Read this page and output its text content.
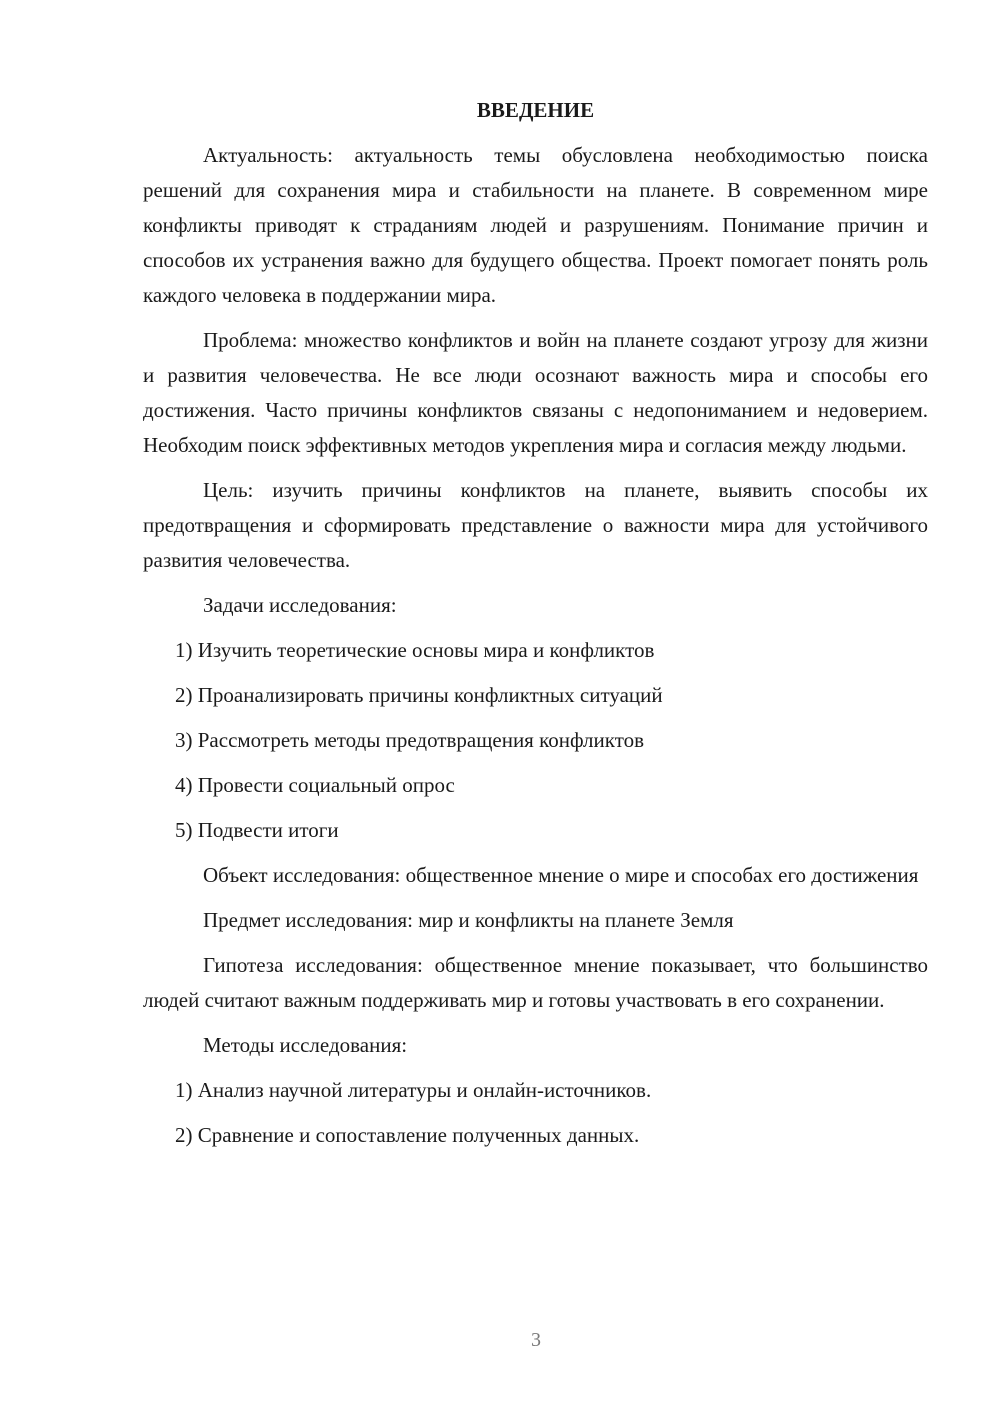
ВВЕДЕНИЕ

Актуальность: актуальность темы обусловлена необходимостью поиска решений для сохранения мира и стабильности на планете. В современном мире конфликты приводят к страданиям людей и разрушениям. Понимание причин и способов их устранения важно для будущего общества. Проект помогает понять роль каждого человека в поддержании мира.

Проблема: множество конфликтов и войн на планете создают угрозу для жизни и развития человечества. Не все люди осознают важность мира и способы его достижения. Часто причины конфликтов связаны с недопониманием и недоверием. Необходим поиск эффективных методов укрепления мира и согласия между людьми.

Цель: изучить причины конфликтов на планете, выявить способы их предотвращения и сформировать представление о важности мира для устойчивого развития человечества.

Задачи исследования:

1) Изучить теоретические основы мира и конфликтов
2) Проанализировать причины конфликтных ситуаций
3) Рассмотреть методы предотвращения конфликтов
4) Провести социальный опрос
5) Подвести итоги

Объект исследования: общественное мнение о мире и способах его достижения

Предмет исследования: мир и конфликты на планете Земля

Гипотеза исследования: общественное мнение показывает, что большинство людей считают важным поддерживать мир и готовы участвовать в его сохранении.

Методы исследования:

1) Анализ научной литературы и онлайн-источников.
2) Сравнение и сопоставление полученных данных.
3
